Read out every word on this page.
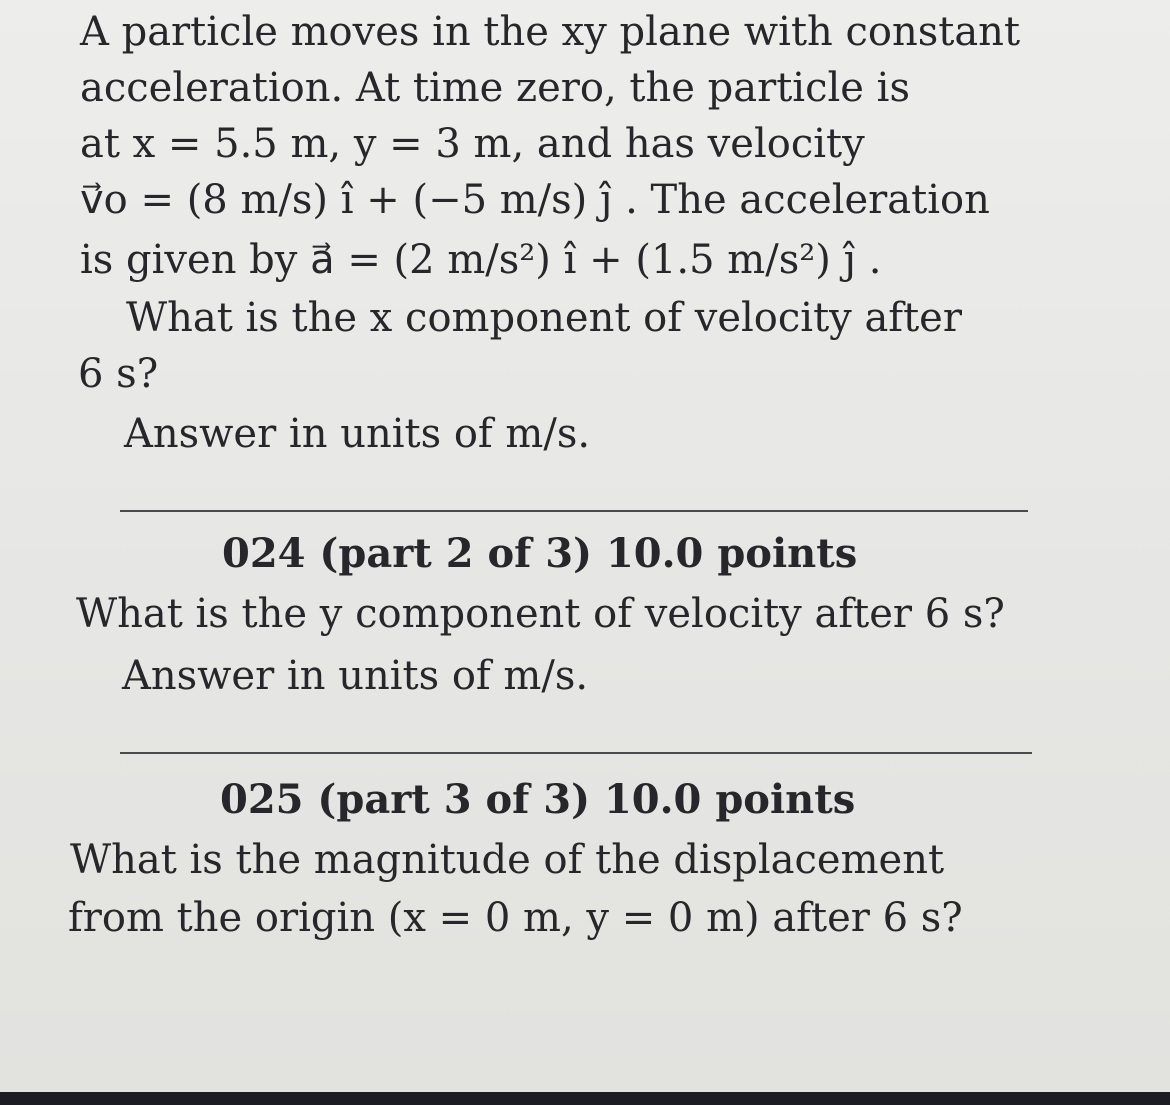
A particle moves in the xy plane with constant
acceleration. At time zero, the particle is
at x = 5.5 m, y = 3 m, and has velocity
v⃗o = (8 m/s) î + (−5 m/s) ĵ . The acceleration
is given by a⃗ = (2 m/s²) î + (1.5 m/s²) ĵ .
What is the x component of velocity after
6 s?
Answer in units of m/s.
024 (part 2 of 3) 10.0 points
What is the y component of velocity after 6 s?
Answer in units of m/s.
025 (part 3 of 3) 10.0 points
What is the magnitude of the displacement
from the origin (x = 0 m, y = 0 m) after 6 s?
